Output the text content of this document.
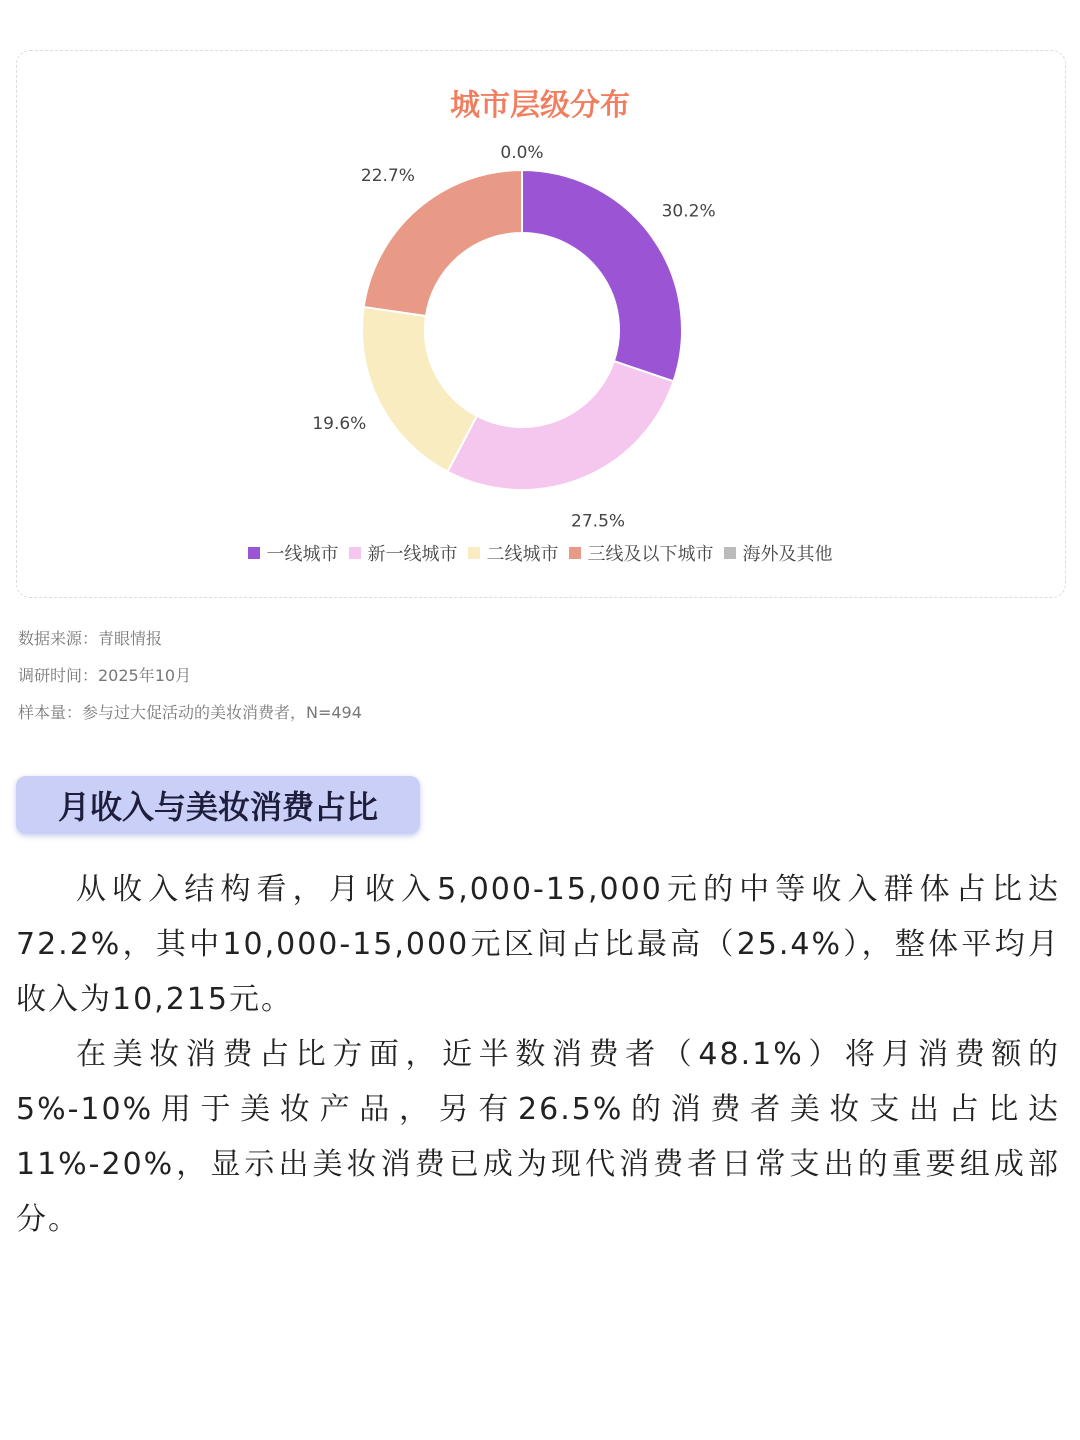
城市层级分布
30.2%
27.5%
19.6%
22.7%
0.0%
一线城市 新一线城市 二线城市 三线及以下城市 海外及其他
数据来源：青眼情报
调研时间：2025年10月
样本量：参与过大促活动的美妆消费者，N=494
月收入与美妆消费占比

从收入结构看，月收入5,000-15,000元的中等收入群体占比达72.2%，其中10,000-15,000元区间占比最高（25.4%），整体平均月收入为10,215元。

在美妆消费占比方面，近半数消费者（48.1%）将月消费额的5%-10%用于美妆产品，另有26.5%的消费者美妆支出占比达11%-20%，显示出美妆消费已成为现代消费者日常支出的重要组成部分。
